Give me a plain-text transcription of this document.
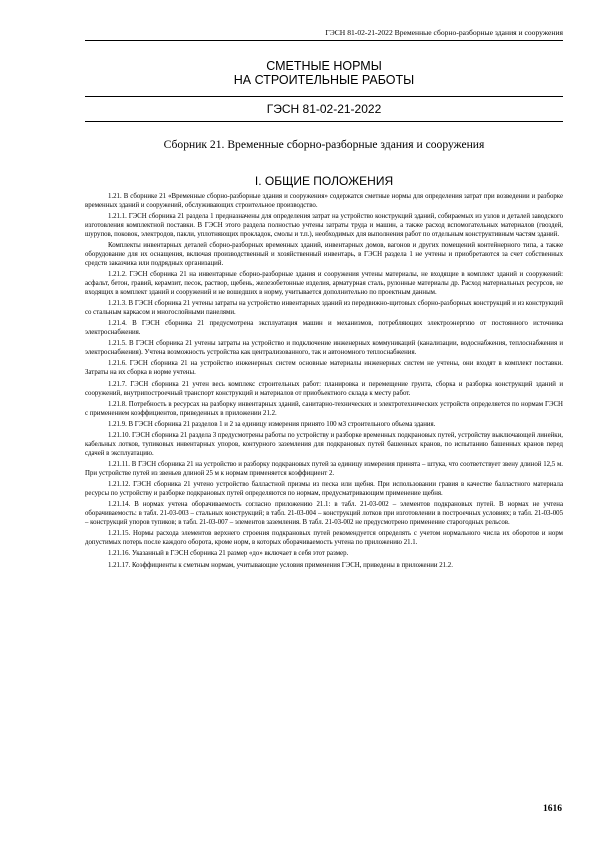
ГЭСН 81-02-21-2022 Временные сборно-разборные здания и сооружения
СМЕТНЫЕ НОРМЫ
НА СТРОИТЕЛЬНЫЕ РАБОТЫ
ГЭСН 81-02-21-2022
Сборник 21. Временные сборно-разборные здания и сооружения
I. ОБЩИЕ ПОЛОЖЕНИЯ

1.21. В сборнике 21 «Временные сборно-разборные здания и сооружения» содержатся сметные нормы для определения затрат при возведении и разборке временных зданий и сооружений, обслуживающих строительное производство.

1.21.1. ГЭСН сборника 21 раздела 1 предназначены для определения затрат на устройство конструкций зданий, собираемых из узлов и деталей заводского изготовления комплектной поставки. В ГЭСН этого раздела полностью учтены затраты труда и машин, а также расход вспомогательных материалов (гвоздей, шурупов, поковок, электродов, пакли, уплотняющих прокладок, смолы и т.п.), необходимых для выполнения работ по отдельным конструктивным частям зданий.

Комплекты инвентарных деталей сборно-разборных временных зданий, инвентарных домов, вагонов и других помещений контейнерного типа, а также оборудование для их оснащения, включая производственный и хозяйственный инвентарь, в ГЭСН раздела 1 не учтены и приобретаются за счет собственных средств заказчика или подрядных организаций.

1.21.2. ГЭСН сборника 21 на инвентарные сборно-разборные здания и сооружения учтены материалы, не входящие в комплект зданий и сооружений: асфальт, бетон, гравий, керамзит, песок, раствор, щебень, железобетонные изделия, арматурная сталь, рулонные материалы др. Расход материальных ресурсов, не входящих в комплект зданий и сооружений и не вошедших в норму, учитывается дополнительно по проектным данным.

1.21.3. В ГЭСН сборника 21 учтены затраты на устройство инвентарных зданий из передвижно-щитовых сборно-разборных конструкций и из конструкций со стальным каркасом и многослойными панелями.

1.21.4. В ГЭСН сборника 21 предусмотрена эксплуатация машин и механизмов, потребляющих электроэнергию от постоянного источника электроснабжения.

1.21.5. В ГЭСН сборника 21 учтены затраты на устройство и подключение инженерных коммуникаций (канализации, водоснабжения, теплоснабжения и электроснабжения). Учтена возможность устройства как централизованного, так и автономного теплоснабжения.

1.21.6. ГЭСН сборника 21 на устройство инженерных систем основные материалы инженерных систем не учтены, они входят в комплект поставки. Затраты на их сборка в норме учтены.

1.21.7. ГЭСН сборника 21 учтен весь комплекс строительных работ: планировка и перемещение грунта, сборка и разборка конструкций зданий и сооружений, внутрипостроечный транспорт конструкций и материалов от приобъектного склада к месту работ.

1.21.8. Потребность в ресурсах на разборку инвентарных зданий, санитарно-технических и электротехнических устройств определяется по нормам ГЭСН с применением коэффициентов, приведенных в приложении 21.2.

1.21.9. В ГЭСН сборника 21 разделов 1 и 2 за единицу измерения принято 100 м3 строительного объема здания.

1.21.10. ГЭСН сборника 21 раздела 3 предусмотрены работы по устройству и разборке временных подкрановых путей, устройству выключающей линейки, кабельных лотков, тупиковых инвентарных упоров, контурного заземления для подкрановых путей башенных кранов, по испытанию башенных кранов перед сдачей в эксплуатацию.

1.21.11. В ГЭСН сборника 21 на устройство и разборку подкрановых путей за единицу измерения принята – штука, что соответствует звену длиной 12,5 м. При устройстве путей из звеньев длиной 25 м к нормам применяется коэффициент 2.

1.21.12. ГЭСН сборника 21 учтено устройство балластной призмы из песка или щебня. При использовании гравия в качестве балластного материала ресурсы по устройству и разборке подкрановых путей определяются по нормам, предусматривающим применение щебня.

1.21.14. В нормах учтена оборачиваемость согласно приложению 21.1: в табл. 21-03-002 – элементов подкрановых путей. В нормах не учтена оборачиваемость: в табл. 21-03-003 – стальных конструкций; в табл. 21-03-004 – конструкций лотков при изготовлении в построечных условиях; в табл. 21-03-005 – конструкций упоров тупиков; в табл. 21-03-007 – элементов заземления. В табл. 21-03-002 не предусмотрено применение старогодных рельсов.

1.21.15. Нормы расхода элементов верхнего строения подкрановых путей рекомендуется определять с учетом нормального числа их оборотов и норм допустимых потерь после каждого оборота, кроме норм, в которых оборачиваемость учтена по приложению 21.1.

1.21.16. Указанный в ГЭСН сборника 21 размер «до» включает в себя этот размер.

1.21.17. Коэффициенты к сметным нормам, учитывающие условия применения ГЭСН, приведены в приложении 21.2.

1616
